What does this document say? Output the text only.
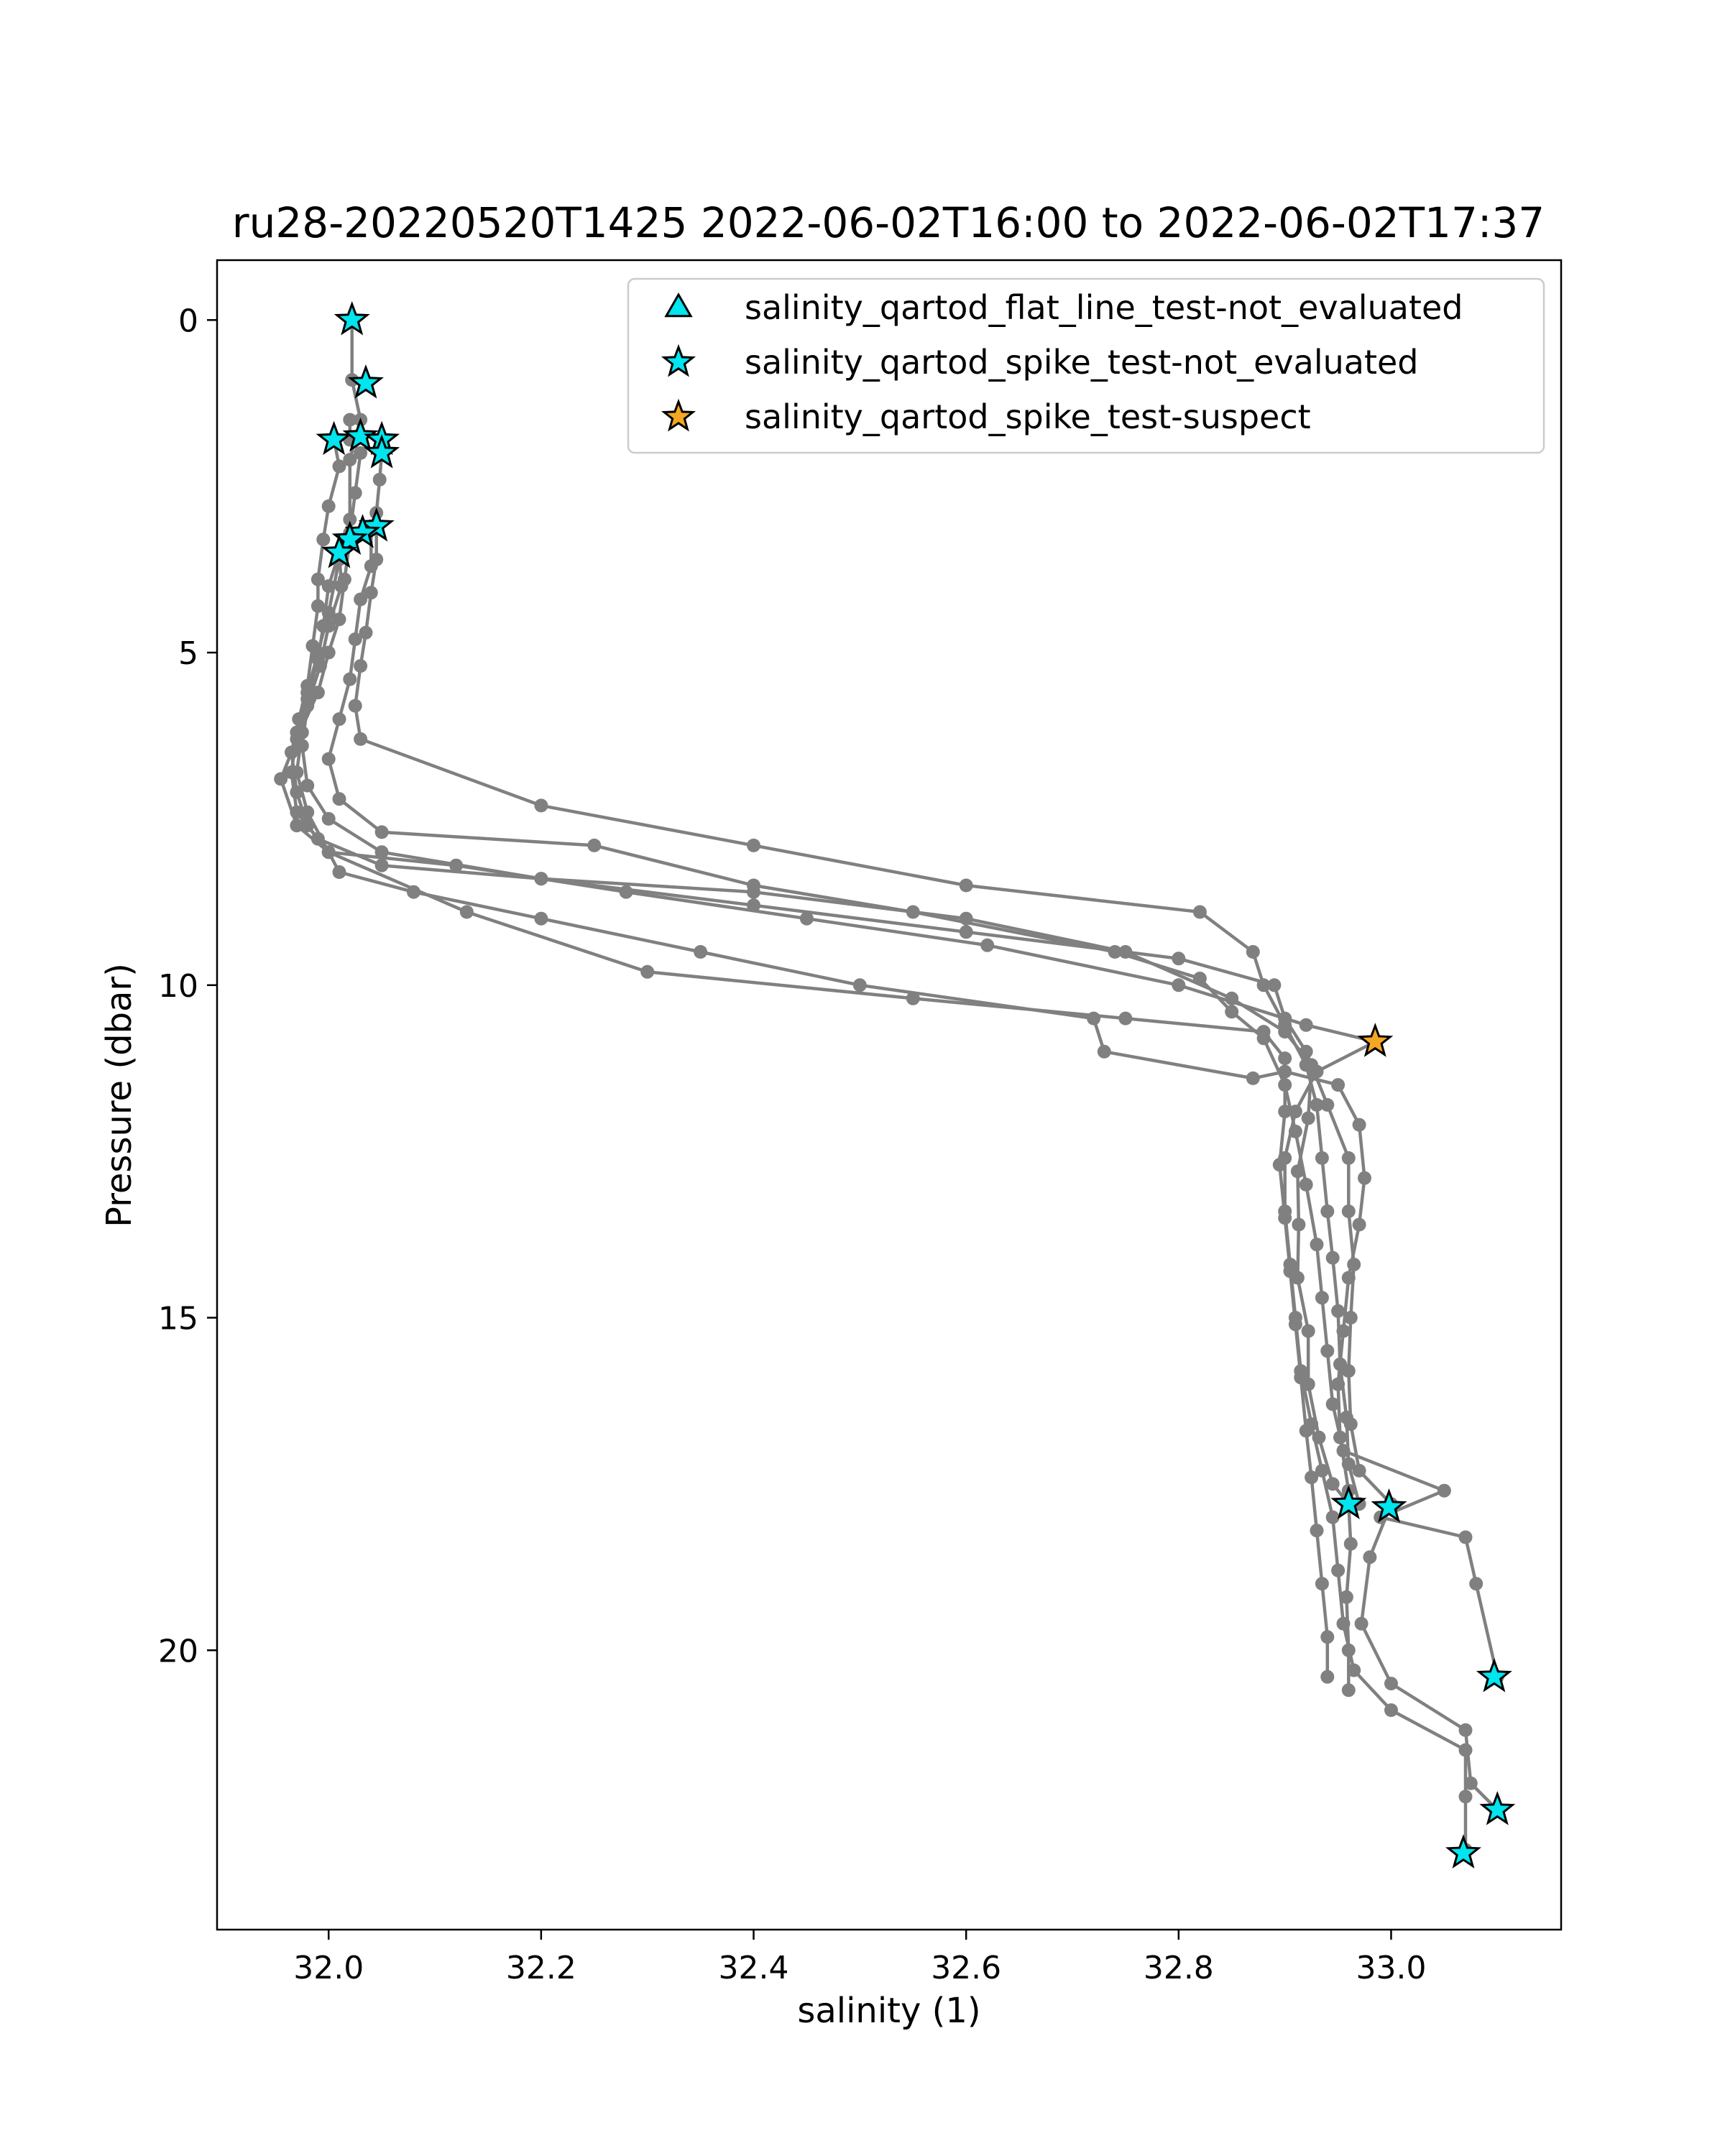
ru28-20220520T1425 2022-06-02T16:00 to 2022-06-02T17:37
32.0	32.2	32.4	32.6	32.8	33.0
0
5
10
15
20
salinity (1)
Pressure (dbar)
salinity_qartod_flat_line_test-not_evaluated
salinity_qartod_spike_test-not_evaluated
salinity_qartod_spike_test-suspect
